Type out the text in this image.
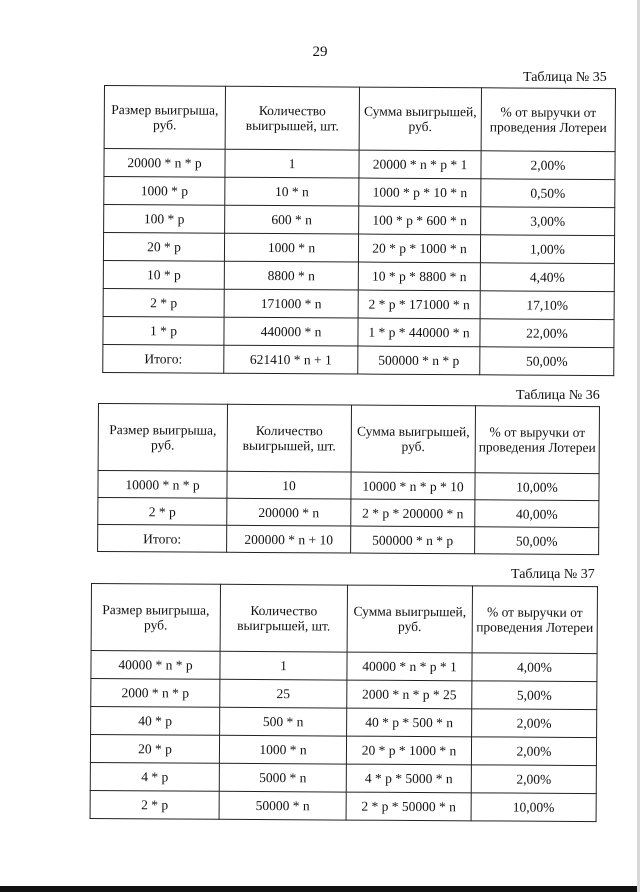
29
Таблица № 35
Размер выигрыша, руб.	Количество выигрышей, шт.	Сумма выигрышей, руб.	% от выручки от проведения Лотереи
20000 * n * p	1	20000 * n * p * 1	2,00%
1000 * p	10 * n	1000 * p * 10 * n	0,50%
100 * p	600 * n	100 * p * 600 * n	3,00%
20 * p	1000 * n	20 * p * 1000 * n	1,00%
10 * p	8800 * n	10 * p * 8800 * n	4,40%
2 * p	171000 * n	2 * p * 171000 * n	17,10%
1 * p	440000 * n	1 * p * 440000 * n	22,00%
Итого:	621410 * n + 1	500000 * n * p	50,00%
Таблица № 36
Размер выигрыша, руб.	Количество выигрышей, шт.	Сумма выигрышей, руб.	% от выручки от проведения Лотереи
10000 * n * p	10	10000 * n * p * 10	10,00%
2 * p	200000 * n	2 * p * 200000 * n	40,00%
Итого:	200000 * n + 10	500000 * n * p	50,00%
Таблица № 37
Размер выигрыша, руб.	Количество выигрышей, шт.	Сумма выигрышей, руб.	% от выручки от проведения Лотереи
40000 * n * p	1	40000 * n * p * 1	4,00%
2000 * n * p	25	2000 * n * p * 25	5,00%
40 * p	500 * n	40 * p * 500 * n	2,00%
20 * p	1000 * n	20 * p * 1000 * n	2,00%
4 * p	5000 * n	4 * p * 5000 * n	2,00%
2 * p	50000 * n	2 * p * 50000 * n	10,00%
